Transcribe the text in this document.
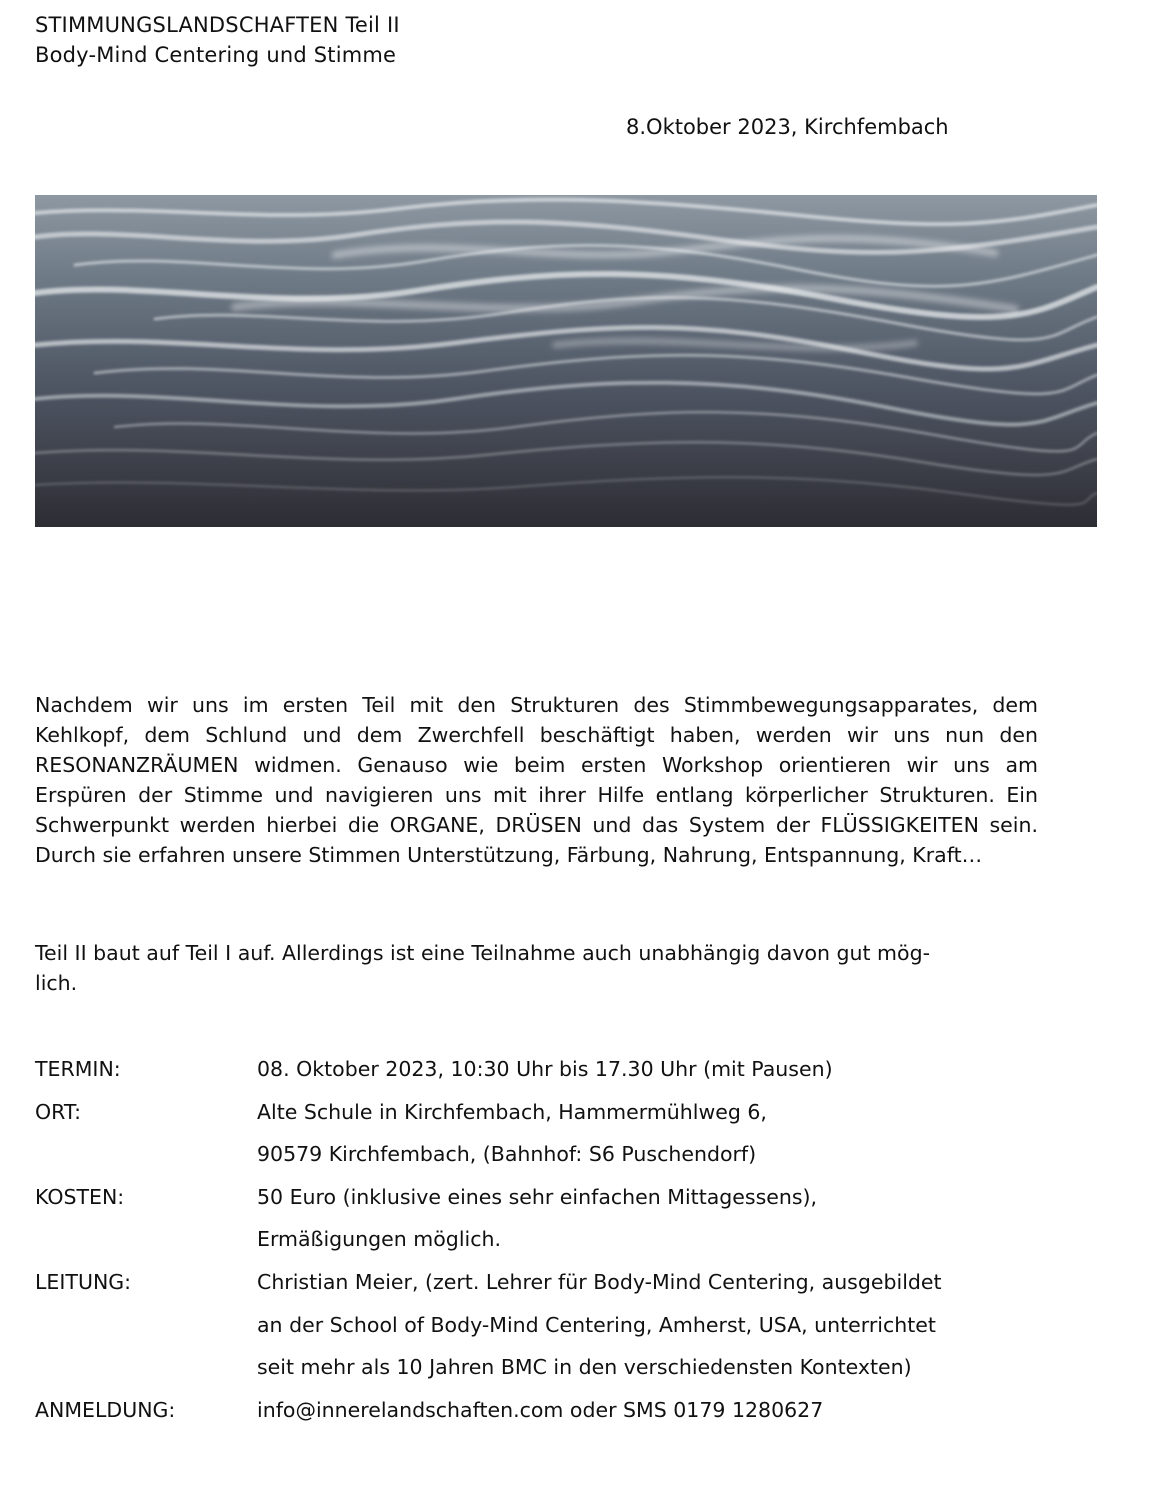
STIMMUNGSLANDSCHAFTEN Teil II
Body-Mind Centering und Stimme
8.Oktober 2023, Kirchfembach

Nachdem wir uns im ersten Teil mit den Strukturen des Stimmbewegungsapparates, dem Kehlkopf, dem Schlund und dem Zwerchfell beschäftigt haben, werden wir uns nun den RESONANZRÄUMEN widmen. Genauso wie beim ersten Workshop orientieren wir uns am Erspüren der Stimme und navigieren uns mit ihrer Hilfe entlang körperlicher Strukturen. Ein Schwerpunkt werden hierbei die ORGANE, DRÜSEN und das System der FLÜSSIGKEITEN sein. Durch sie erfahren unsere Stimmen Unterstützung, Färbung, Nahrung, Entspannung, Kraft…

Teil II baut auf Teil I auf. Allerdings ist eine Teilnahme auch unabhängig davon gut mög-
lich.
TERMIN:	08. Oktober 2023, 10:30 Uhr bis 17.30 Uhr (mit Pausen)
ORT:	Alte Schule in Kirchfembach, Hammermühlweg 6,
90579 Kirchfembach, (Bahnhof: S6 Puschendorf)
KOSTEN:	50 Euro (inklusive eines sehr einfachen Mittagessens),
Ermäßigungen möglich.
LEITUNG:	Christian Meier, (zert. Lehrer für Body-Mind Centering, ausgebildet
an der School of Body-Mind Centering, Amherst, USA, unterrichtet
seit mehr als 10 Jahren BMC in den verschiedensten Kontexten)
ANMELDUNG:	info@innerelandschaften.com oder SMS 0179 1280627
